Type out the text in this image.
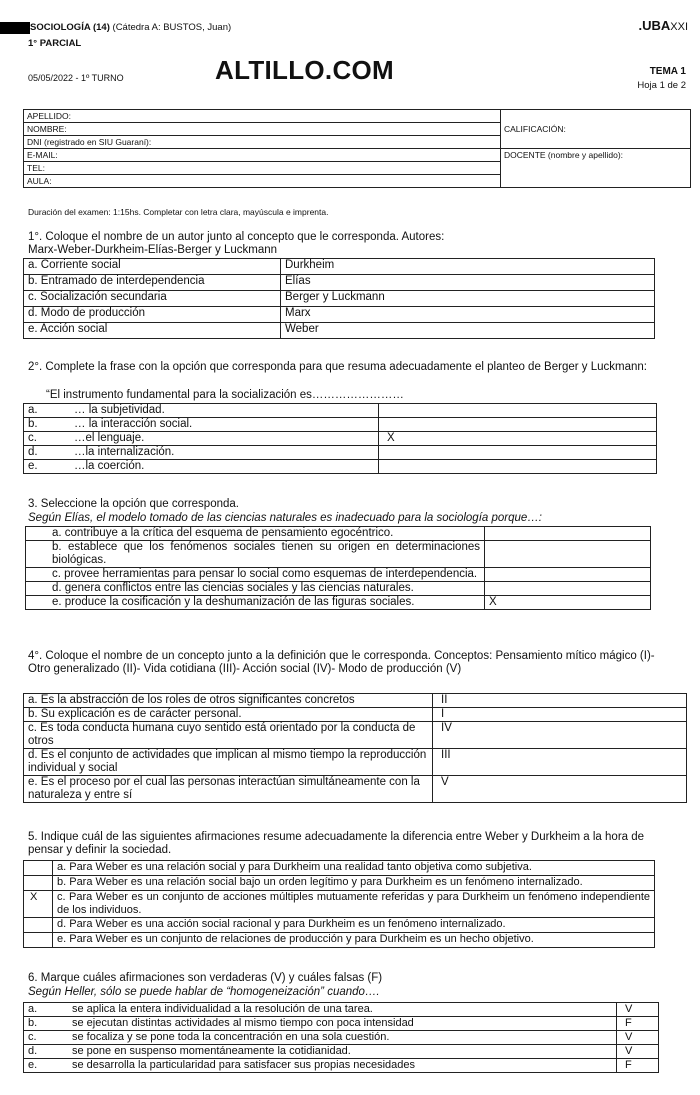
SOCIOLOGÍA (14) (Cátedra A: BUSTOS, Juan)
1° PARCIAL
.UBAXXI
05/05/2022 - 1º TURNO	ALTILLO.COM	TEMA 1
Hoja 1 de 2
APELLIDO:	CALIFICACIÓN:
NOMBRE:	
DNI (registrado en SIU Guaraní):	
E-MAIL:	DOCENTE (nombre y apellido):
TEL:	
AULA:	
Duración del examen: 1:15hs. Completar con letra clara, mayúscula e imprenta.
1°. Coloque el nombre de un autor junto al concepto que le corresponda. Autores:
Marx-Weber-Durkheim-Elías-Berger y Luckmann
a. Corriente social	Durkheim
b. Entramado de interdependencia	Elías
c. Socialización secundaria	Berger y Luckmann
d. Modo de producción	Marx
e. Acción social	Weber
2°. Complete la frase con la opción que corresponda para que resuma adecuadamente el planteo de Berger y Luckmann:
“El instrumento fundamental para la socialización es……………………
a.	… la subjetividad.	
b.	… la interacción social.	
c.	…el lenguaje.	X
d.	…la internalización.	
e.	…la coerción.	
3. Seleccione la opción que corresponda.
Según Elías, el modelo tomado de las ciencias naturales es inadecuado para la sociología porque…:
a. contribuye a la crítica del esquema de pensamiento egocéntrico.	
b. establece que los fenómenos sociales tienen su origen en determinaciones biológicas.	
c. provee herramientas para pensar lo social como esquemas de interdependencia.	
d. genera conflictos entre las ciencias sociales y las ciencias naturales.	
e. produce la cosificación y la deshumanización de las figuras sociales.	X
4°. Coloque el nombre de un concepto junto a la definición que le corresponda. Conceptos: Pensamiento mítico mágico (I)- Otro generalizado (II)- Vida cotidiana (III)- Acción social (IV)- Modo de producción (V)
a. Es la abstracción de los roles de otros significantes concretos	II
b. Su explicación es de carácter personal.	I
c. Es toda conducta humana cuyo sentido está orientado por la conducta de otros	IV
d. Es el conjunto de actividades que implican al mismo tiempo la reproducción individual y social	III
e. Es el proceso por el cual las personas interactúan simultáneamente con la naturaleza y entre sí	V
5. Indique cuál de las siguientes afirmaciones resume adecuadamente la diferencia entre Weber y Durkheim a la hora de pensar y definir la sociedad.
	a. Para Weber es una relación social y para Durkheim una realidad tanto objetiva como subjetiva.
	b. Para Weber es una relación social bajo un orden legítimo y para Durkheim es un fenómeno internalizado.
X	c. Para Weber es un conjunto de acciones múltiples mutuamente referidas y para Durkheim un fenómeno independiente de los individuos.
	d. Para Weber es una acción social racional y para Durkheim es un fenómeno internalizado.
	e. Para Weber es un conjunto de relaciones de producción y para Durkheim es un hecho objetivo.
6. Marque cuáles afirmaciones son verdaderas (V) y cuáles falsas (F)
Según Heller, sólo se puede hablar de “homogeneización” cuando….
a.	se aplica la entera individualidad a la resolución de una tarea.	V
b.	se ejecutan distintas actividades al mismo tiempo con poca intensidad	F
c.	se focaliza y se pone toda la concentración en una sola cuestión.	V
d.	se pone en suspenso momentáneamente la cotidianidad.	V
e.	se desarrolla la particularidad para satisfacer sus propias necesidades	F
